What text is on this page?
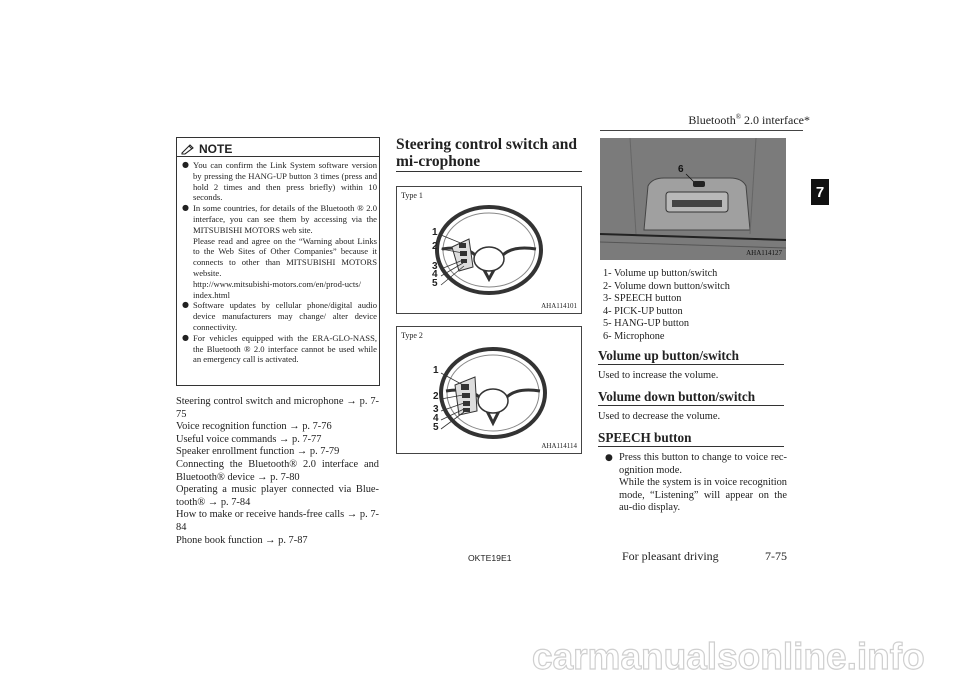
Bluetooth® 2.0 interface*
7
NOTE
● You can confirm the Link System software version by pressing the HANG-UP button 3 times (press and hold 2 times and then press briefly) within 10 seconds.
● In some countries, for details of the Bluetooth ® 2.0 interface, you can see them by accessing via the MITSUBISHI MOTORS web site.
Please read and agree on the “Warning about Links to the Web Sites of Other Companies” because it connects to other than MITSUBISHI MOTORS website.
http://www.mitsubishi-motors.com/en/prod-ucts/ index.html
● Software updates by cellular phone/digital audio device manufacturers may change/ alter device connectivity.
● For vehicles equipped with the ERA-GLO-NASS, the Bluetooth ® 2.0 interface cannot be used while an emergency call is activated.
Steering control switch and microphone → p. 7-75
Voice recognition function → p. 7-76
Useful voice commands → p. 7-77
Speaker enrollment function → p. 7-79
Connecting the Bluetooth® 2.0 interface and Bluetooth® device → p. 7-80
Operating a music player connected via Blue-tooth® → p. 7-84
How to make or receive hands-free calls → p. 7-84
Phone book function → p. 7-87
Steering control switch and mi-crophone
Type 1
1
2
3
4
5
AHA114101
Type 2
1
2
3
4
5
AHA114114
6
AHA114127
1- Volume up button/switch
2- Volume down button/switch
3- SPEECH button
4- PICK-UP button
5- HANG-UP button
6- Microphone
Volume up button/switch
Used to increase the volume.
Volume down button/switch
Used to decrease the volume.
SPEECH button
● Press this button to change to voice rec-ognition mode.
While the system is in voice recognition mode, “Listening” will appear on the au-dio display.
OKTE19E1	For pleasant driving	7-75
carmanualsonline.info
